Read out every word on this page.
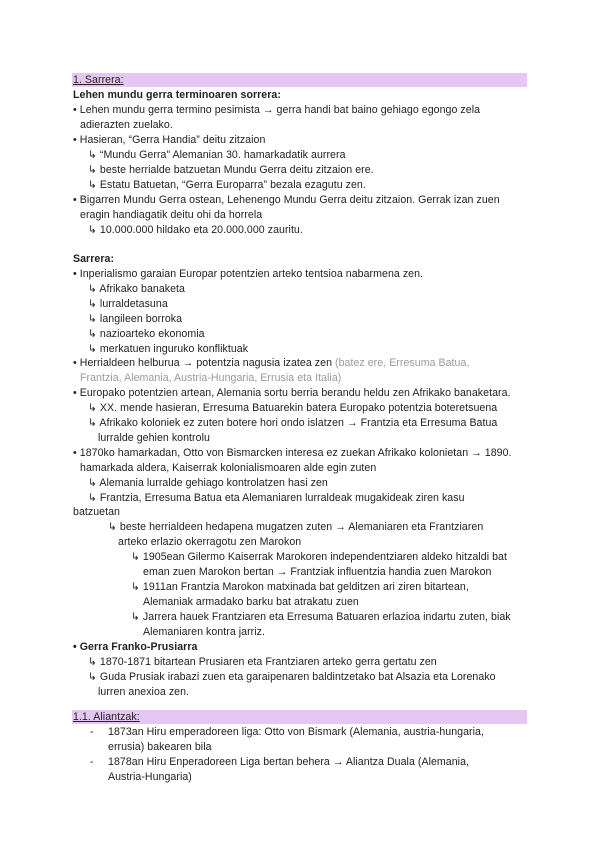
1. Sarrera:
Lehen mundu gerra terminoaren sorrera:
• Lehen mundu gerra termino pesimista → gerra handi bat baino gehiago egongo zela
adierazten zuelako.
• Hasieran, “Gerra Handia” deitu zitzaion
↳ “Mundu Gerra” Alemanian 30. hamarkadatik aurrera
↳ beste herrialde batzuetan Mundu Gerra deitu zitzaion ere.
↳ Estatu Batuetan, “Gerra Europarra” bezala ezagutu zen.
• Bigarren Mundu Gerra ostean, Lehenengo Mundu Gerra deitu zitzaion. Gerrak izan zuen
eragin handiagatik deitu ohi da horrela
↳ 10.000.000 hildako eta 20.000.000 zauritu.
Sarrera:
• Inperialismo garaian Europar potentzien arteko tentsioa nabarmena zen.
↳ Afrikako banaketa
↳ lurraldetasuna
↳ langileen borroka
↳ nazioarteko ekonomia
↳ merkatuen inguruko konfliktuak
• Herrialdeen helburua → potentzia nagusia izatea zen (batez ere, Erresuma Batua,
Frantzia, Alemania, Austria-Hungaria, Errusia eta Italia)
• Europako potentzien artean, Alemania sortu berria berandu heldu zen Afrikako banaketara.
↳ XX. mende hasieran, Erresuma Batuarekin batera Europako potentzia boteretsuena
↳ Afrikako koloniek ez zuten botere hori ondo islatzen → Frantzia eta Erresuma Batua
lurralde gehien kontrolu
• 1870ko hamarkadan, Otto von Bismarcken interesa ez zuekan Afrikako kolonietan → 1890.
hamarkada aldera, Kaiserrak kolonialismoaren alde egin zuten
↳ Alemania lurralde gehiago kontrolatzen hasi zen
↳ Frantzia, Erresuma Batua eta Alemaniaren lurraldeak mugakideak ziren kasu
batzuetan
↳ beste herrialdeen hedapena mugatzen zuten → Alemaniaren eta Frantziaren
arteko erlazio okerragotu zen Marokon
↳ 1905ean Gilermo Kaiserrak Marokoren independentziaren aldeko hitzaldi bat
eman zuen Marokon bertan → Frantziak influentzia handia zuen Marokon
↳ 1911an Frantzia Marokon matxinada bat gelditzen ari ziren bitartean,
Alemaniak armadako barku bat atrakatu zuen
↳ Jarrera hauek Frantziaren eta Erresuma Batuaren erlazioa indartu zuten, biak
Alemaniaren kontra jarriz.
• Gerra Franko-Prusiarra
↳ 1870-1871 bitartean Prusiaren eta Frantziaren arteko gerra gertatu zen
↳ Guda Prusiak irabazi zuen eta garaipenaren baldintzetako bat Alsazia eta Lorenako
lurren anexioa zen.
1.1. Aliantzak:
- 1873an Hiru emperadoreen liga: Otto von Bismark (Alemania, austria-hungaria,
errusia) bakearen bila
- 1878an Hiru Enperadoreen Liga bertan behera → Aliantza Duala (Alemania,
Austria-Hungaria)
